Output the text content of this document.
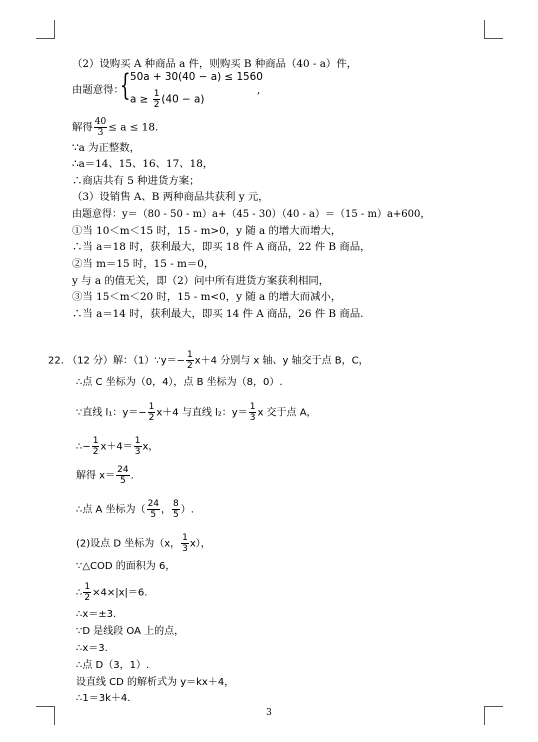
（2）设购买 A 种商品 a 件，则购买 B 种商品（40 - a）件，
由题意得：
{ 50a + 30(40 − a) ≤ 1560
$a \ge \frac{1}{2} (40 - a)$
,
解得 $\frac{40}{3} \le a \le 18$.
∵a 为正整数，
∴a＝14、15、16、17、18，
∴商店共有 5 种进货方案；
（3）设销售 A、B 两种商品共获利 y 元，
由题意得：y＝（80 - 50 - m）a+（45 - 30）（40 - a）＝（15 - m）a+600，
①当 10＜m＜15 时，15 - m>0，y 随 a 的增大而增大，
∴当 a＝18 时，获利最大，即买 18 件 A 商品，22 件 B 商品，
②当 m＝15 时，15 - m＝0，
y 与 a 的值无关，即（2）问中所有进货方案获利相同，
③当 15＜m＜20 时，15 - m<0，y 随 a 的增大而减小，
∴当 a＝14 时，获利最大，即买 14 件 A 商品，26 件 B 商品.
22. （12 分）解：（1）∵y＝− $\frac{1}{2} x+4$ 分别与 x 轴、y 轴交于点 B，C，
∴点 C 坐标为（0，4），点 B 坐标为（8，0）.
∵直线 l₁：$y=- \frac{1}{2} x+4$ 与直线 l₂：$y= \frac{1}{3}$ x 交于点 A，
∴− $\frac{1}{2} x+4= \frac{1}{3}$ x，
解得 $x= \frac{24}{5}$ .
∴点 A 坐标为（ $\frac{24}{5}$ ， $\frac{8}{5}$ ）.
(2)设点 D 坐标为（x， $\frac{1}{3} x$），
∵△COD 的面积为 6，
∴ $\frac{1}{2} \times 4\times|x|=6$.
∴x＝±3.
∵D 是线段 OA 上的点，
∴x＝3.
∴点 D（3，1）.
设直线 CD 的解析式为 y＝kx＋4，
∴1＝3k＋4.
3
